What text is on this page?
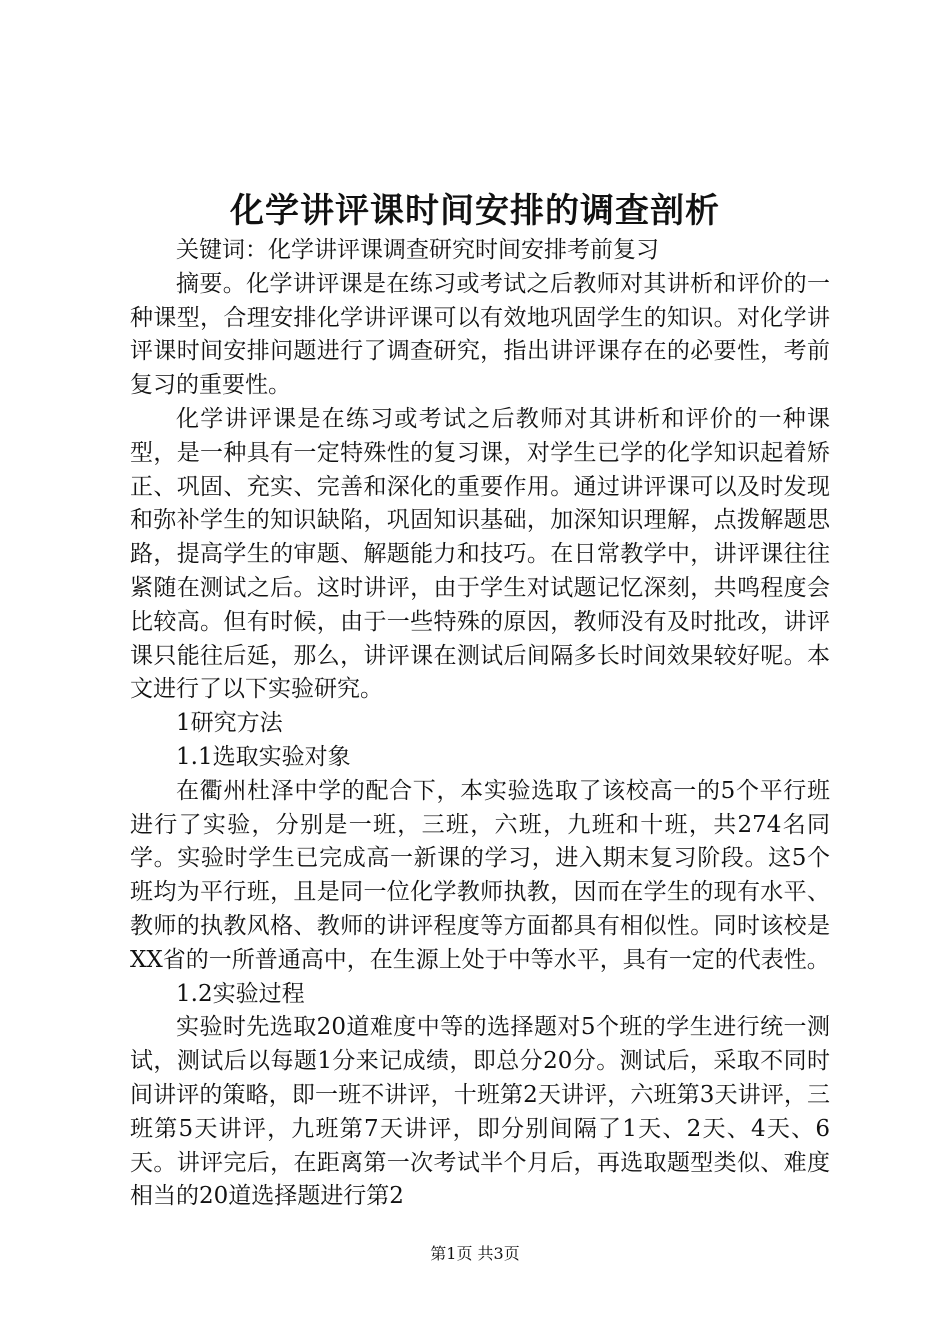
化学讲评课时间安排的调查剖析

关键词：化学讲评课调查研究时间安排考前复习

摘要。化学讲评课是在练习或考试之后教师对其讲析和评价的一种课型，合理安排化学讲评课可以有效地巩固学生的知识。对化学讲评课时间安排问题进行了调查研究，指出讲评课存在的必要性，考前复习的重要性。

化学讲评课是在练习或考试之后教师对其讲析和评价的一种课型，是一种具有一定特殊性的复习课，对学生已学的化学知识起着矫正、巩固、充实、完善和深化的重要作用。通过讲评课可以及时发现和弥补学生的知识缺陷，巩固知识基础，加深知识理解，点拨解题思路，提高学生的审题、解题能力和技巧。在日常教学中，讲评课往往紧随在测试之后。这时讲评，由于学生对试题记忆深刻，共鸣程度会比较高。但有时候，由于一些特殊的原因，教师没有及时批改，讲评课只能往后延，那么，讲评课在测试后间隔多长时间效果较好呢。本文进行了以下实验研究。

1研究方法

1.1选取实验对象

在衢州杜泽中学的配合下，本实验选取了该校高一的5个平行班进行了实验，分别是一班，三班，六班，九班和十班，共274名同学。实验时学生已完成高一新课的学习，进入期末复习阶段。这5个班均为平行班，且是同一位化学教师执教，因而在学生的现有水平、教师的执教风格、教师的讲评程度等方面都具有相似性。同时该校是XX省的一所普通高中，在生源上处于中等水平，具有一定的代表性。

1.2实验过程

实验时先选取20道难度中等的选择题对5个班的学生进行统一测试，测试后以每题1分来记成绩，即总分20分。测试后，采取不同时间讲评的策略，即一班不讲评，十班第2天讲评，六班第3天讲评，三班第5天讲评，九班第7天讲评，即分别间隔了1天、2天、4天、6天。讲评完后，在距离第一次考试半个月后，再选取题型类似、难度相当的20道选择题进行第2

第1页 共3页
